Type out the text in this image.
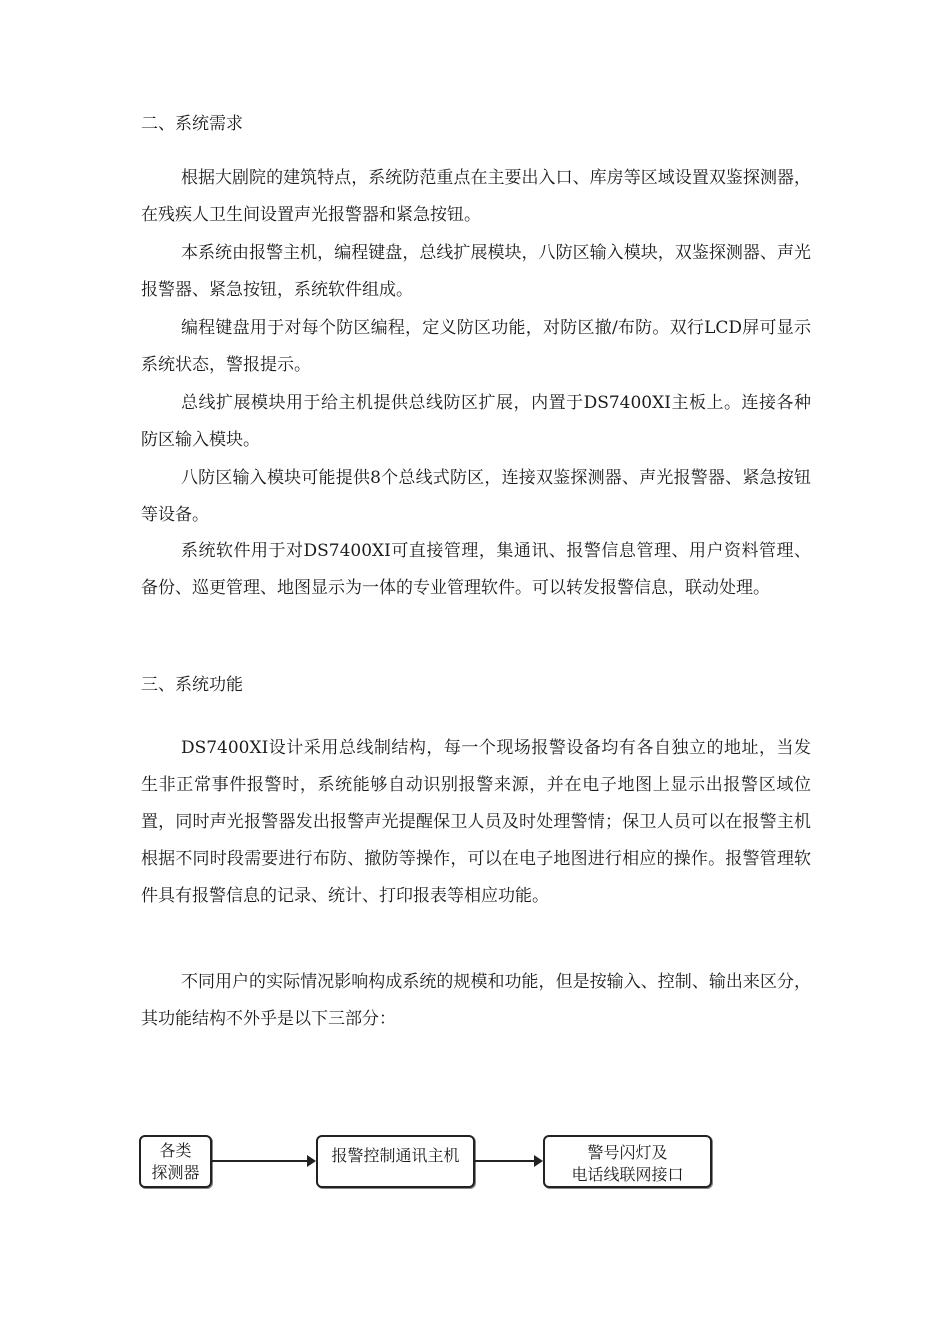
二、系统需求

根据大剧院的建筑特点，系统防范重点在主要出入口、库房等区域设置双鉴探测器，在残疾人卫生间设置声光报警器和紧急按钮。

本系统由报警主机，编程键盘，总线扩展模块，八防区输入模块，双鉴探测器、声光报警器、紧急按钮，系统软件组成。

编程键盘用于对每个防区编程，定义防区功能，对防区撤/布防。双行LCD屏可显示系统状态，警报提示。

总线扩展模块用于给主机提供总线防区扩展，内置于DS7400XI主板上。连接各种防区输入模块。

八防区输入模块可能提供8个总线式防区，连接双鉴探测器、声光报警器、紧急按钮等设备。

系统软件用于对DS7400XI可直接管理，集通讯、报警信息管理、用户资料管理、备份、巡更管理、地图显示为一体的专业管理软件。可以转发报警信息，联动处理。

三、系统功能

DS7400XI设计采用总线制结构，每一个现场报警设备均有各自独立的地址，当发生非正常事件报警时，系统能够自动识别报警来源，并在电子地图上显示出报警区域位置，同时声光报警器发出报警声光提醒保卫人员及时处理警情；保卫人员可以在报警主机根据不同时段需要进行布防、撤防等操作，可以在电子地图进行相应的操作。报警管理软件具有报警信息的记录、统计、打印报表等相应功能。

不同用户的实际情况影响构成系统的规模和功能，但是按输入、控制、输出来区分，其功能结构不外乎是以下三部分：

各类
探测器
报警控制通讯主机	警号闪灯及
电话线联网接口
